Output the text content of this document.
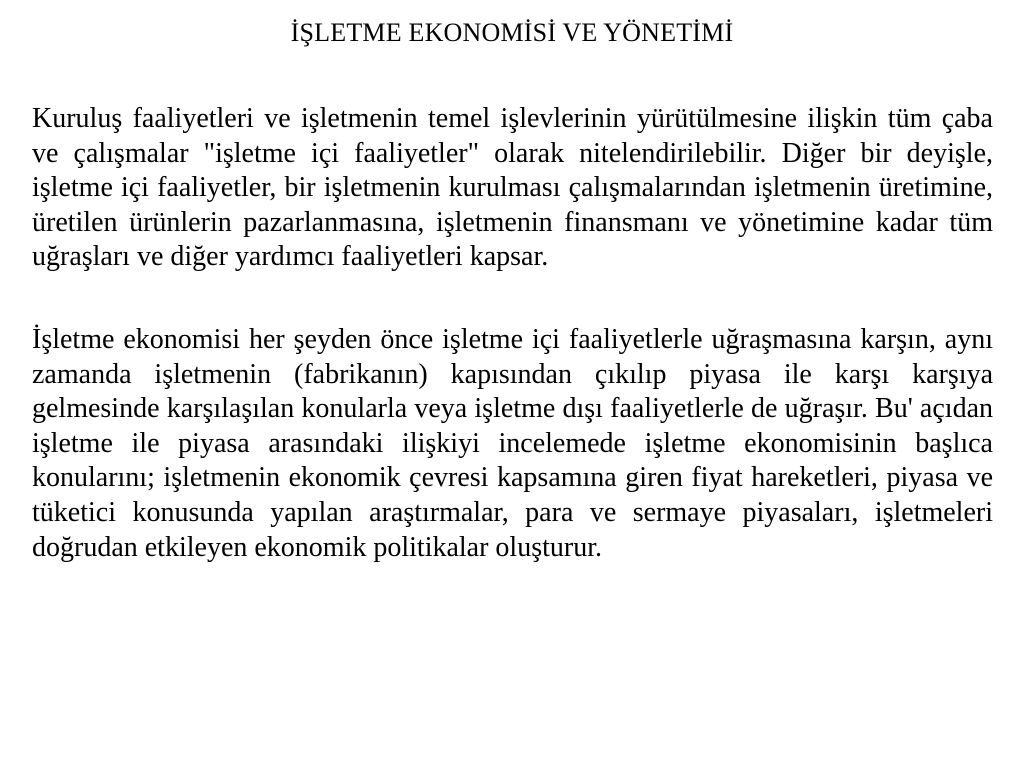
İŞLETME EKONOMİSİ VE YÖNETİMİ

Kuruluş faaliyetleri ve işletmenin temel işlevlerinin yürütülmesine ilişkin tüm çaba ve çalışmalar "işletme içi faaliyetler" olarak nitelendirilebilir. Diğer bir deyişle, işletme içi faaliyetler, bir işletmenin kurulması çalışmalarından işletmenin üretimine, üretilen ürünlerin pazarlanmasına, işletmenin finansmanı ve yönetimine kadar tüm uğraşları ve diğer yardımcı faaliyetleri kapsar.

İşletme ekonomisi her şeyden önce işletme içi faaliyetlerle uğraşmasına karşın, aynı zamanda işletmenin (fabrikanın) kapısından çıkılıp piyasa ile karşı karşıya gelmesinde karşılaşılan konularla veya işletme dışı faaliyetlerle de uğraşır. Bu' açıdan işletme ile piyasa arasındaki ilişkiyi incelemede işletme ekonomisinin başlıca konularını; işletmenin ekonomik çevresi kapsamına giren fiyat hareketleri, piyasa ve tüketici konusunda yapılan araştırmalar, para ve sermaye piyasaları, işletmeleri doğrudan etkileyen ekonomik politikalar oluşturur.
